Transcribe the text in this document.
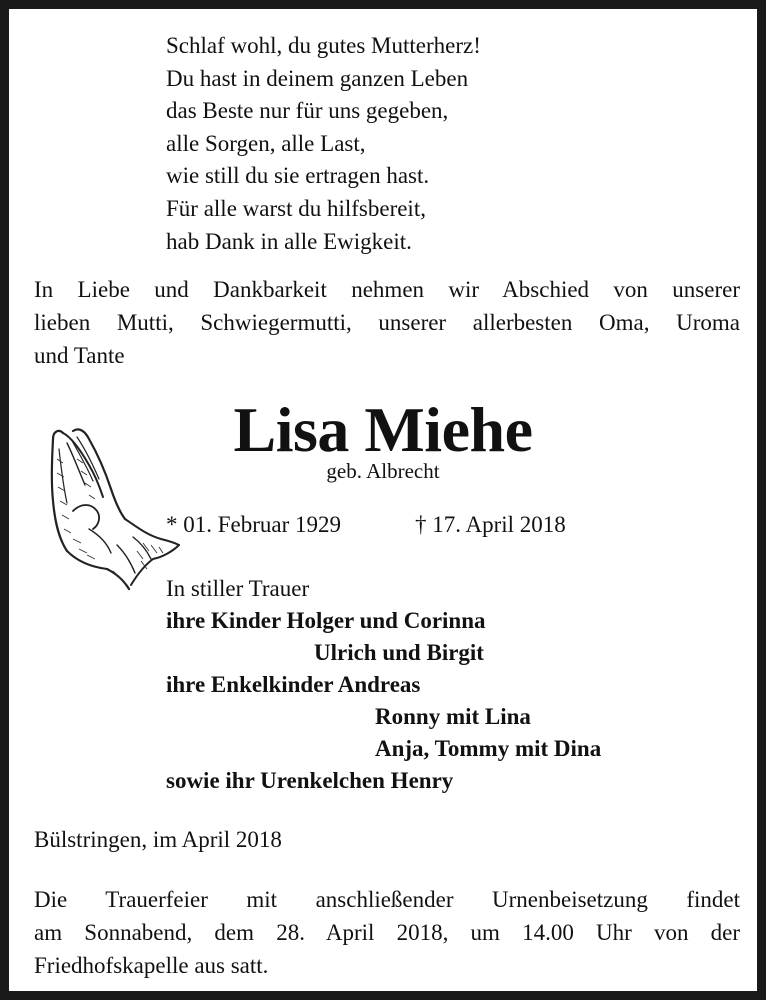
Schlaf wohl, du gutes Mutterherz!
Du hast in deinem ganzen Leben
das Beste nur für uns gegeben,
alle Sorgen, alle Last,
wie still du sie ertragen hast.
Für alle warst du hilfsbereit,
hab Dank in alle Ewigkeit.
In Liebe und Dankbarkeit nehmen wir Abschied von unserer
lieben Mutti, Schwiegermutti, unserer allerbesten Oma, Uroma
und Tante
Lisa Miehe
geb. Albrecht
* 01. Februar 1929	† 17. April 2018
In stiller Trauer
ihre Kinder Holger und Corinna
Ulrich und Birgit
ihre Enkelkinder Andreas
Ronny mit Lina
Anja, Tommy mit Dina
sowie ihr Urenkelchen Henry
Bülstringen, im April 2018
Die Trauerfeier mit anschließender Urnenbeisetzung findet
am Sonnabend, dem 28. April 2018, um 14.00 Uhr von der
Friedhofskapelle aus satt.
